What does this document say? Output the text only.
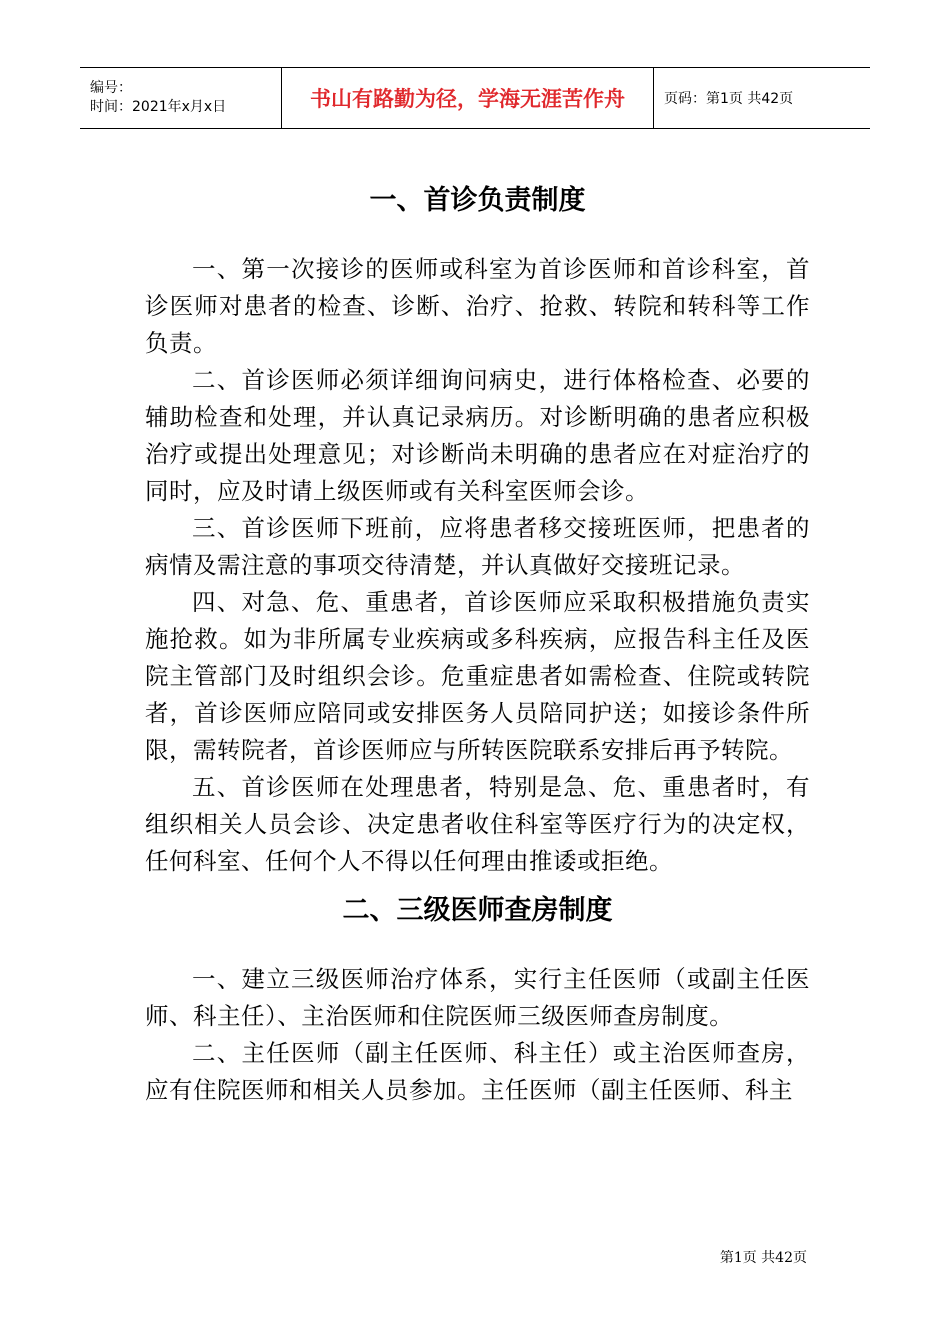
编号：
时间：2021年x月x日	书山有路勤为径，学海无涯苦作舟	页码：第1页 共42页
一、首诊负责制度

一、第一次接诊的医师或科室为首诊医师和首诊科室，首诊医师对患者的检查、诊断、治疗、抢救、转院和转科等工作负责。

二、首诊医师必须详细询问病史，进行体格检查、必要的辅助检查和处理，并认真记录病历。对诊断明确的患者应积极治疗或提出处理意见；对诊断尚未明确的患者应在对症治疗的同时，应及时请上级医师或有关科室医师会诊。

三、首诊医师下班前，应将患者移交接班医师，把患者的病情及需注意的事项交待清楚，并认真做好交接班记录。

四、对急、危、重患者，首诊医师应采取积极措施负责实施抢救。如为非所属专业疾病或多科疾病，应报告科主任及医院主管部门及时组织会诊。危重症患者如需检查、住院或转院者，首诊医师应陪同或安排医务人员陪同护送；如接诊条件所限，需转院者，首诊医师应与所转医院联系安排后再予转院。

五、首诊医师在处理患者，特别是急、危、重患者时，有组织相关人员会诊、决定患者收住科室等医疗行为的决定权，任何科室、任何个人不得以任何理由推诿或拒绝。

二、三级医师查房制度

一、建立三级医师治疗体系，实行主任医师（或副主任医师、科主任）、主治医师和住院医师三级医师查房制度。

二、主任医师（副主任医师、科主任）或主治医师查房，应有住院医师和相关人员参加。主任医师（副主任医师、科主

第1页 共42页
